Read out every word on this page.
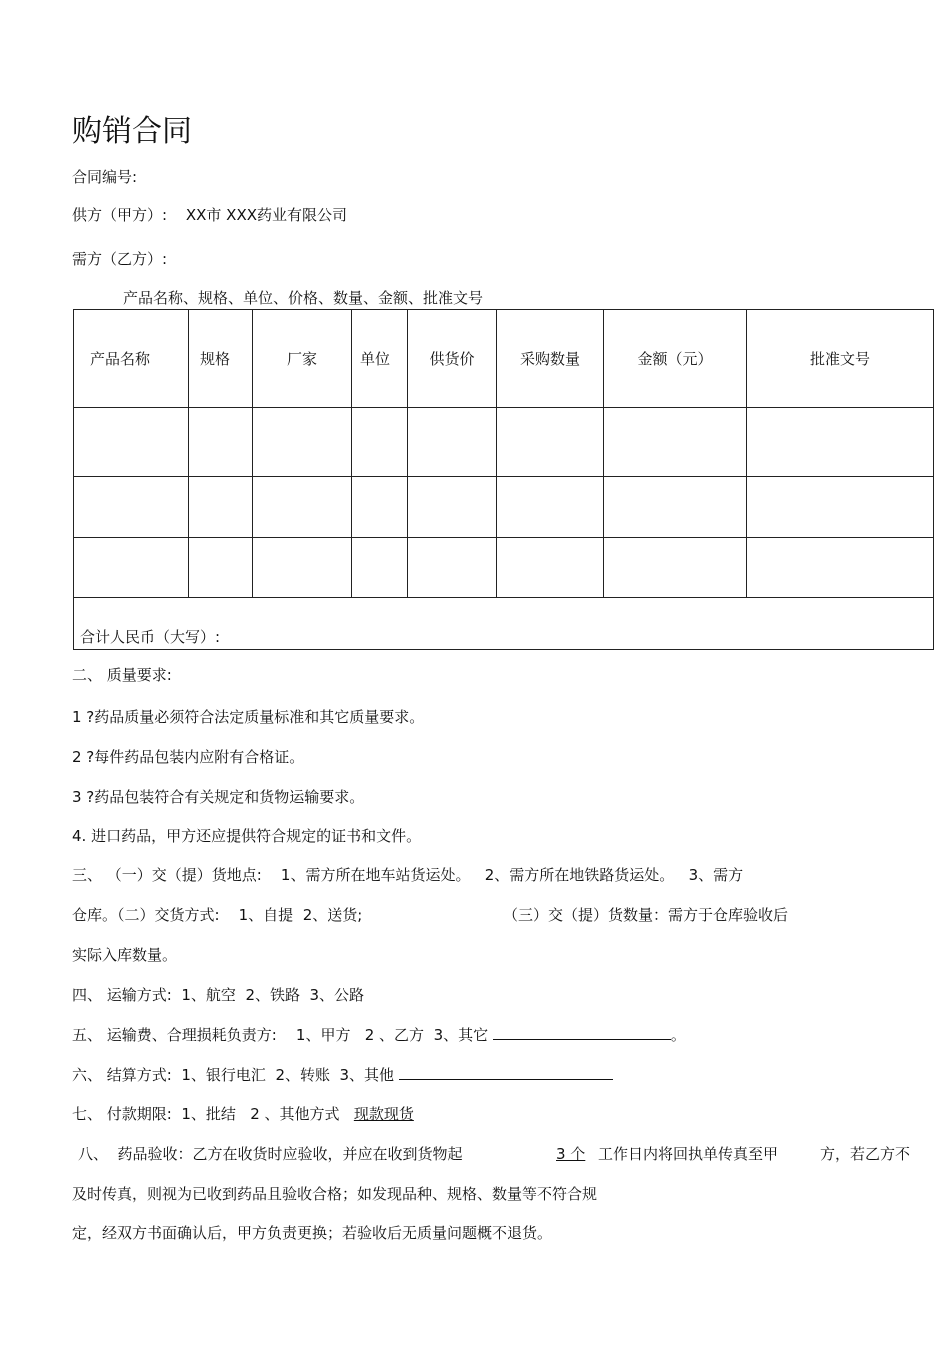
购销合同
合同编号:
供方（甲方）: XX市 XXX药业有限公司
需方（乙方）:
产品名称、规格、单位、价格、数量、金额、批准文号
产品名称	规格	厂家	单位	供货价	采购数量	金额（元）	批准文号

合计人民币（大写）:							
二、 质量要求:
1 ?药品质量必须符合法定质量标准和其它质量要求。
2 ?每件药品包装内应附有合格证。
3 ?药品包装符合有关规定和货物运输要求。
4. 进口药品，甲方还应提供符合规定的证书和文件。
三、 （一）交（提）货地点:    1、需方所在地车站货运处。   2、需方所在地铁路货运处。   3、需方
仓库。（二）交货方式:    1、自提  2、送货;	（三）交（提）货数量：需方于仓库验收后
实际入库数量。
四、 运输方式:  1、航空  2、铁路  3、公路
五、 运输费、合理损耗负责方:    1、甲方   2 、乙方  3、其它	。
六、 结算方式:  1、银行电汇  2、转账  3、其他
七、 付款期限:  1、批结   2 、其他方式 现款现货
八、  药品验收：乙方在收货时应验收，并应在收到货物起	3 个 工作日内将回执单传真至甲	方，若乙方不
及时传真，则视为已收到药品且验收合格；如发现品种、规格、数量等不符合规
定，经双方书面确认后，甲方负责更换；若验收后无质量问题概不退货。
